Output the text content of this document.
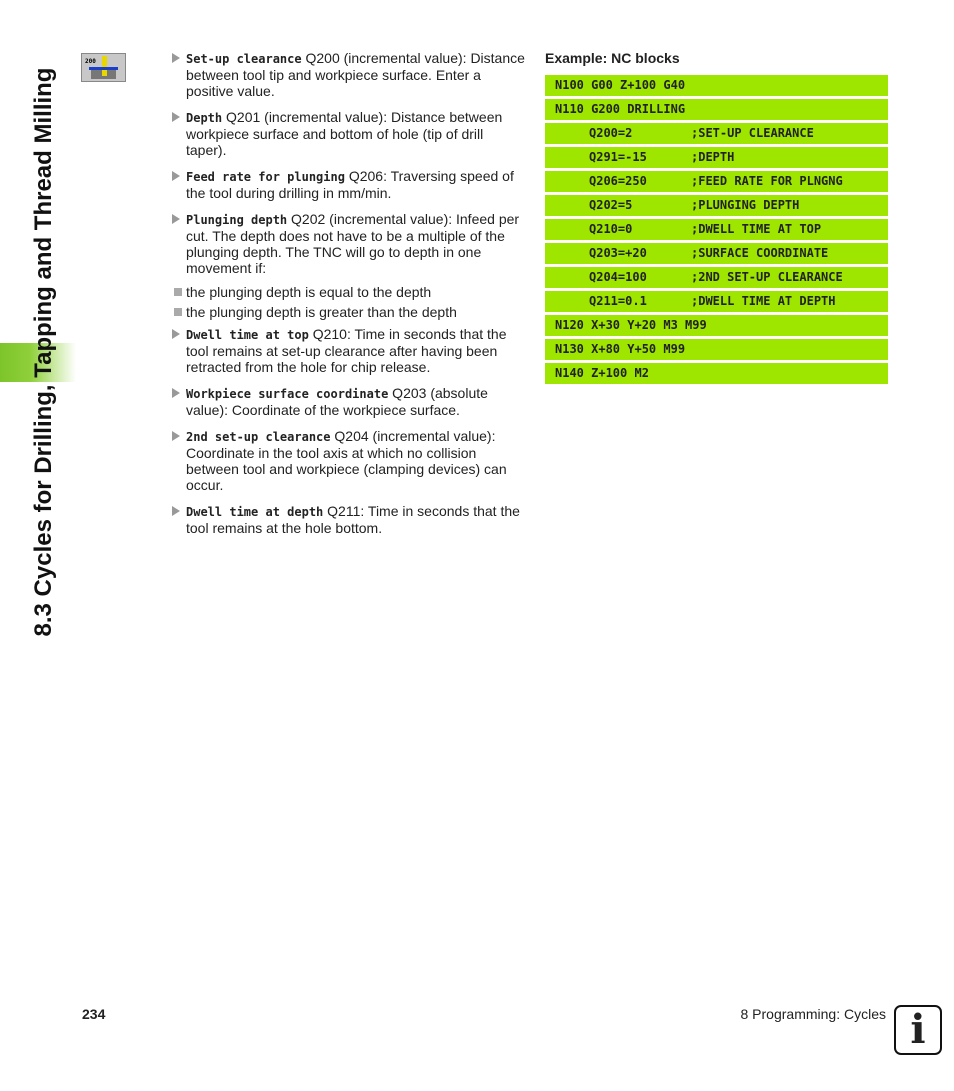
8.3 Cycles for Drilling, Tapping and Thread Milling
200	Set-up clearance Q200 (incremental value): Distance between tool tip and workpiece surface. Enter a positive value.
Depth Q201 (incremental value): Distance between workpiece surface and bottom of hole (tip of drill taper).
Feed rate for plunging Q206: Traversing speed of the tool during drilling in mm/min.
Plunging depth Q202 (incremental value): Infeed per cut. The depth does not have to be a multiple of the plunging depth. The TNC will go to depth in one movement if:
the plunging depth is equal to the depth
the plunging depth is greater than the depth
Dwell time at top Q210: Time in seconds that the tool remains at set-up clearance after having been retracted from the hole for chip release.
Workpiece surface coordinate Q203 (absolute value): Coordinate of the workpiece surface.
2nd set-up clearance Q204 (incremental value): Coordinate in the tool axis at which no collision between tool and workpiece (clamping devices) can occur.
Dwell time at depth Q211: Time in seconds that the tool remains at the hole bottom.
Example: NC blocks
N100 G00 Z+100 G40
N110 G200 DRILLING
Q200=2	;SET-UP CLEARANCE
Q291=-15	;DEPTH
Q206=250	;FEED RATE FOR PLNGNG
Q202=5	;PLUNGING DEPTH
Q210=0	;DWELL TIME AT TOP
Q203=+20	;SURFACE COORDINATE
Q204=100	;2ND SET-UP CLEARANCE
Q211=0.1	;DWELL TIME AT DEPTH
N120 X+30 Y+20 M3 M99
N130 X+80 Y+50 M99
N140 Z+100 M2
234	8 Programming: Cycles i
